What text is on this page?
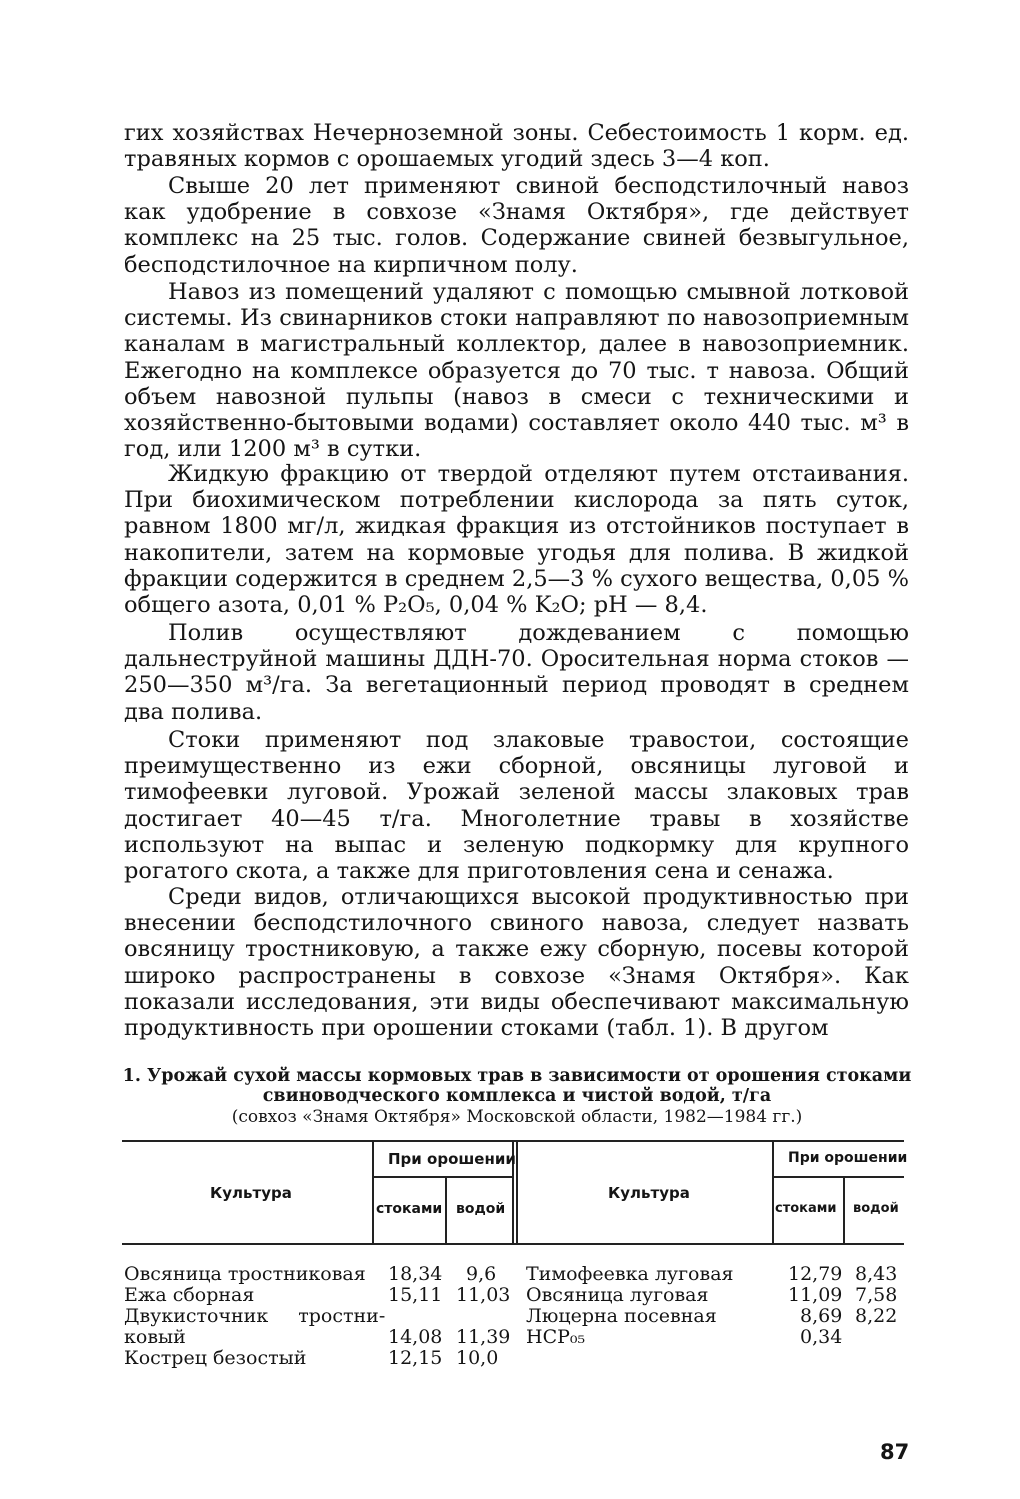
гих хозяйствах Нечерноземной зоны. Себестоимость 1 корм. ед. травяных кормов с орошаемых угодий здесь 3—4 коп.

Свыше 20 лет применяют свиной бесподстилочный навоз как удобрение в совхозе «Знамя Октября», где действует комплекс на 25 тыс. голов. Содержание свиней безвыгульное, бесподстилочное на кирпичном полу.

Навоз из помещений удаляют с помощью смывной лотковой системы. Из свинарников стоки направляют по навозоприемным каналам в магистральный коллектор, далее в навозоприемник. Ежегодно на комплексе образуется до 70 тыс. т навоза. Общий объем навозной пульпы (навоз в смеси с техническими и хозяйственно-бытовыми водами) составляет около 440 тыс. м³ в год, или 1200 м³ в сутки.

Жидкую фракцию от твердой отделяют путем отстаивания. При биохимическом потреблении кислорода за пять суток, равном 1800 мг/л, жидкая фракция из отстойников поступает в накопители, затем на кормовые угодья для полива. В жидкой фракции содержится в среднем 2,5—3 % сухого вещества, 0,05 % общего азота, 0,01 % P₂O₅, 0,04 % K₂O; pH — 8,4.

Полив осуществляют дождеванием с помощью дальнеструйной машины ДДН-70. Оросительная норма стоков — 250—350 м³/га. За вегетационный период проводят в среднем два полива.

Стоки применяют под злаковые травостои, состоящие преимущественно из ежи сборной, овсяницы луговой и тимофеевки луговой. Урожай зеленой массы злаковых трав достигает 40—45 т/га. Многолетние травы в хозяйстве используют на выпас и зеленую подкормку для крупного рогатого скота, а также для приготовления сена и сенажа.

Среди видов, отличающихся высокой продуктивностью при внесении бесподстилочного свиного навоза, следует назвать овсяницу тростниковую, а также ежу сборную, посевы которой широко распространены в совхозе «Знамя Октября». Как показали исследования, эти виды обеспечивают максимальную продуктивность при орошении стоками (табл. 1). В другом

1. Урожай сухой массы кормовых трав в зависимости от орошения стоками свиноводческого комплекса и чистой водой, т/га
(совхоз «Знамя Октября» Московской области, 1982—1984 гг.)
Культура
При орошении
стоками водой
Культура
При орошении
стоками водой
Овсяница тростниковая 18,34 9,6
Ежа сборная	15,11 11,03
Двукисточник тростни-
ковый	14,08 11,39
Кострец безостый	12,15 10,0
Тимофеевка луговая	12,79 8,43
Овсяница луговая	11,09 7,58
Люцерна посевная	8,69 8,22
НСР₀₅	0,34
87
